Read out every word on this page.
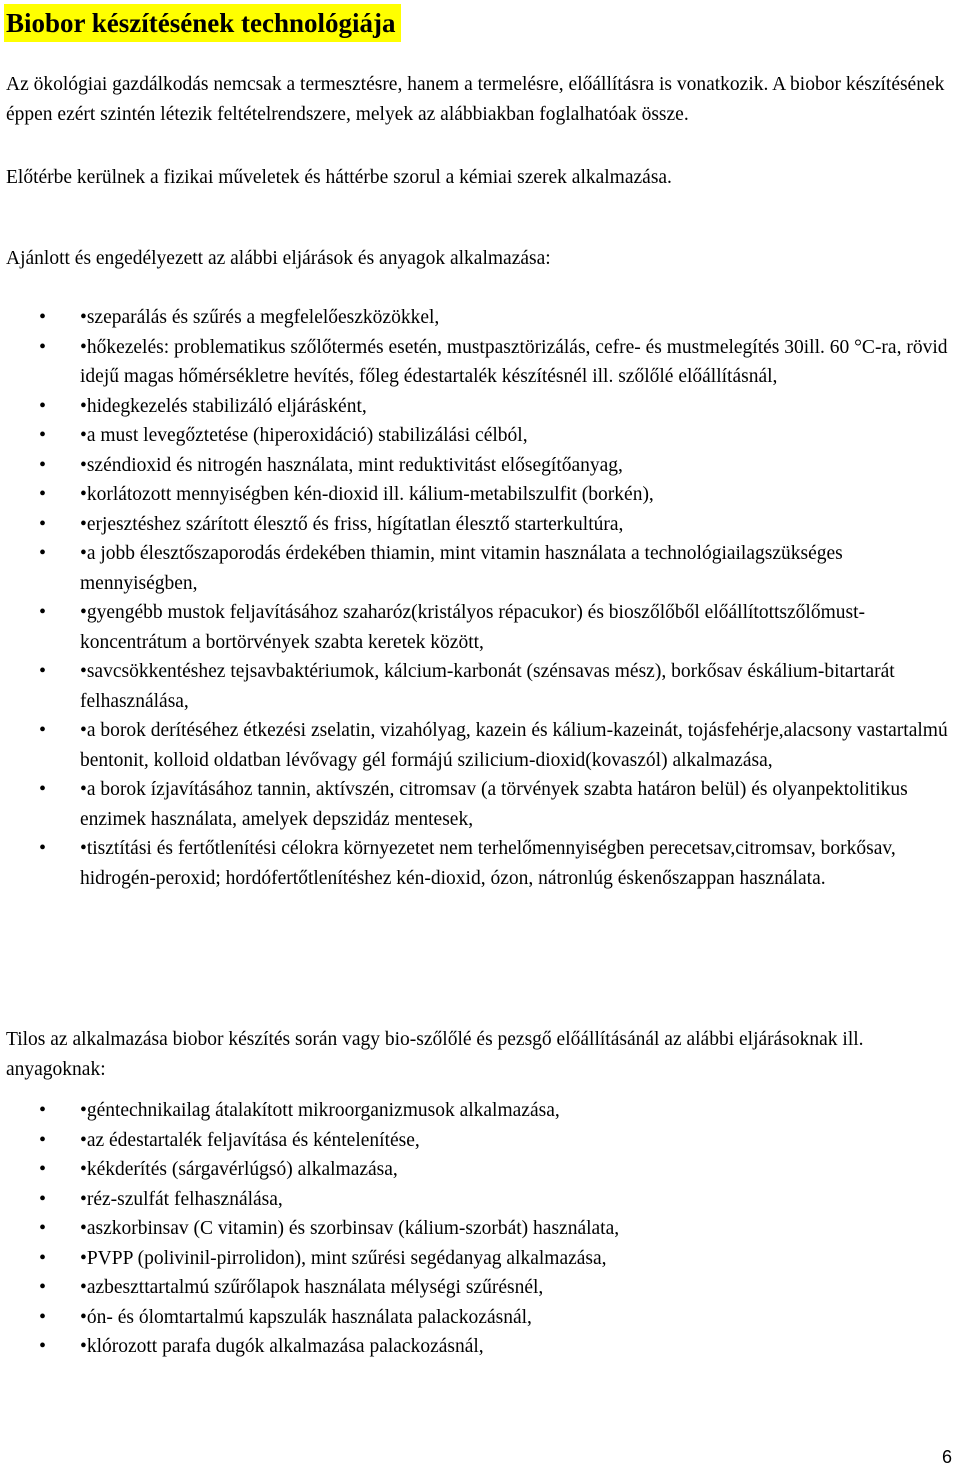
Biobor készítésének technológiája

Az ökológiai gazdálkodás nemcsak a termesztésre, hanem a termelésre, előállításra is vonatkozik. A biobor készítésének éppen ezért szintén létezik feltételrendszere, melyek az alábbiakban foglalhatóak össze.

Előtérbe kerülnek a fizikai műveletek és háttérbe szorul a kémiai szerek alkalmazása.

Ajánlott és engedélyezett az alábbi eljárások és anyagok alkalmazása:

• •szeparálás és szűrés a megfelelőeszközökkel,
• •hőkezelés: problematikus szőlőtermés esetén, mustpasztörizálás, cefre- és mustmelegítés 30ill. 60 °C-ra, rövid idejű magas hőmérsékletre hevítés, főleg édestartalék készítésnél ill. szőlőlé előállításnál,
• •hidegkezelés stabilizáló eljárásként,
• •a must levegőztetése (hiperoxidáció) stabilizálási célból,
• •széndioxid és nitrogén használata, mint reduktivitást elősegítőanyag,
• •korlátozott mennyiségben kén-dioxid ill. kálium-metabilszulfit (borkén),
• •erjesztéshez szárított élesztő és friss, hígítatlan élesztő starterkultúra,
• •a jobb élesztőszaporodás érdekében thiamin, mint vitamin használata a technológiailagszükséges mennyiségben,
• •gyengébb mustok feljavításához szaharóz(kristályos répacukor) és bioszőlőből előállítottszőlőmust-koncentrátum a bortörvények szabta keretek között,
• •savcsökkentéshez tejsavbaktériumok, kálcium-karbonát (szénsavas mész), borkősav éskálium-bitartarát felhasználása,
• •a borok derítéséhez étkezési zselatin, vizahólyag, kazein és kálium-kazeinát, tojásfehérje,alacsony vastartalmú bentonit, kolloid oldatban lévővagy gél formájú szilicium-dioxid(kovaszól) alkalmazása,
• •a borok ízjavításához tannin, aktívszén, citromsav (a törvények szabta határon belül) és olyanpektolitikus enzimek használata, amelyek depszidáz mentesek,
• •tisztítási és fertőtlenítési célokra környezetet nem terhelőmennyiségben perecetsav,citromsav, borkősav, hidrogén-peroxid; hordófertőtlenítéshez kén-dioxid, ózon, nátronlúg éskenőszappan használata.

Tilos az alkalmazása biobor készítés során vagy bio-szőlőlé és pezsgő előállításánál az alábbi eljárásoknak ill. anyagoknak:

• •géntechnikailag átalakított mikroorganizmusok alkalmazása,
• •az édestartalék feljavítása és kéntelenítése,
• •kékderítés (sárgavérlúgsó) alkalmazása,
• •réz-szulfát felhasználása,
• •aszkorbinsav (C vitamin) és szorbinsav (kálium-szorbát) használata,
• •PVPP (polivinil-pirrolidon), mint szűrési segédanyag alkalmazása,
• •azbeszttartalmú szűrőlapok használata mélységi szűrésnél,
• •ón- és ólomtartalmú kapszulák használata palackozásnál,
• •klórozott parafa dugók alkalmazása palackozásnál,
6
